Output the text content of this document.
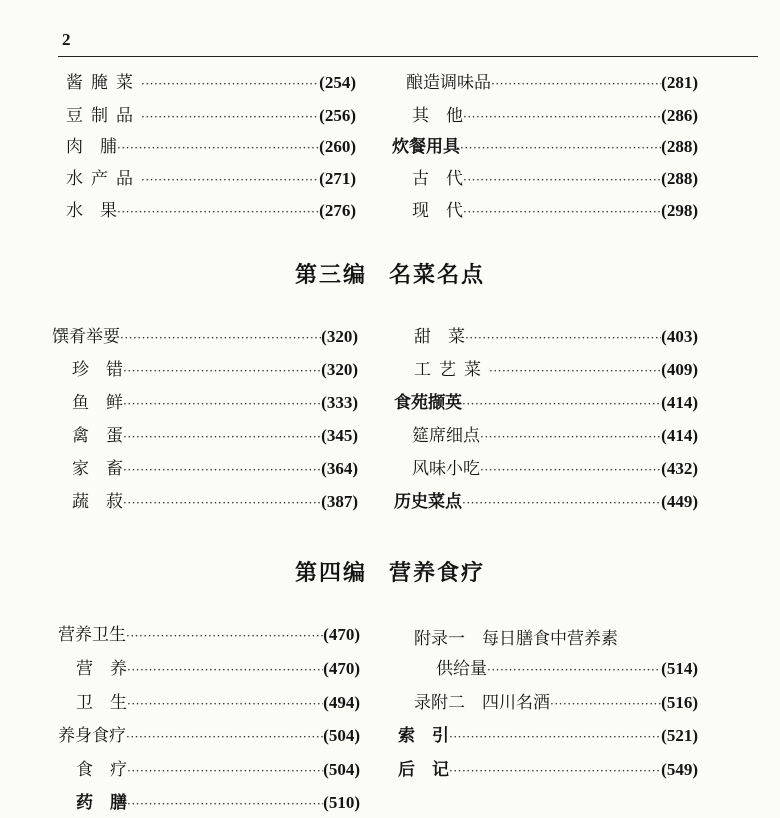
2
酱腌菜 ·····	(254)
豆制品 ·····	(256)
肉　脯 ·····	(260)
水产品 ·····	(271)
水　果 ·····	(276)
酿造调味品 ·····	(281)
其　他 ·····	(286)
炊餐用具 ·····	(288)
古　代 ·····	(288)
现　代 ·····	(298)
第三编 名菜名点
馔肴举要 ·····	(320)
珍　错 ·····	(320)
鱼　鲜 ·····	(333)
禽　蛋 ·····	(345)
家　畜 ·····	(364)
蔬　菽 ·····	(387)
甜　菜 ·····	(403)
工艺菜 ·····	(409)
食苑撷英 ·····	(414)
筵席细点 ·····	(414)
风味小吃 ·····	(432)
历史菜点 ·····	(449)
第四编 营养食疗
营养卫生 ·····	(470)
营　养 ·····	(470)
卫　生 ·····	(494)
养身食疗 ·····	(504)
食　疗 ·····	(504)
药　膳 ·····	(510)
附录一　每日膳食中营养素
供给量 ·····	(514)
录附二　四川名酒 ·····	(516)
索　引 ·····	(521)
后　记 ·····	(549)
